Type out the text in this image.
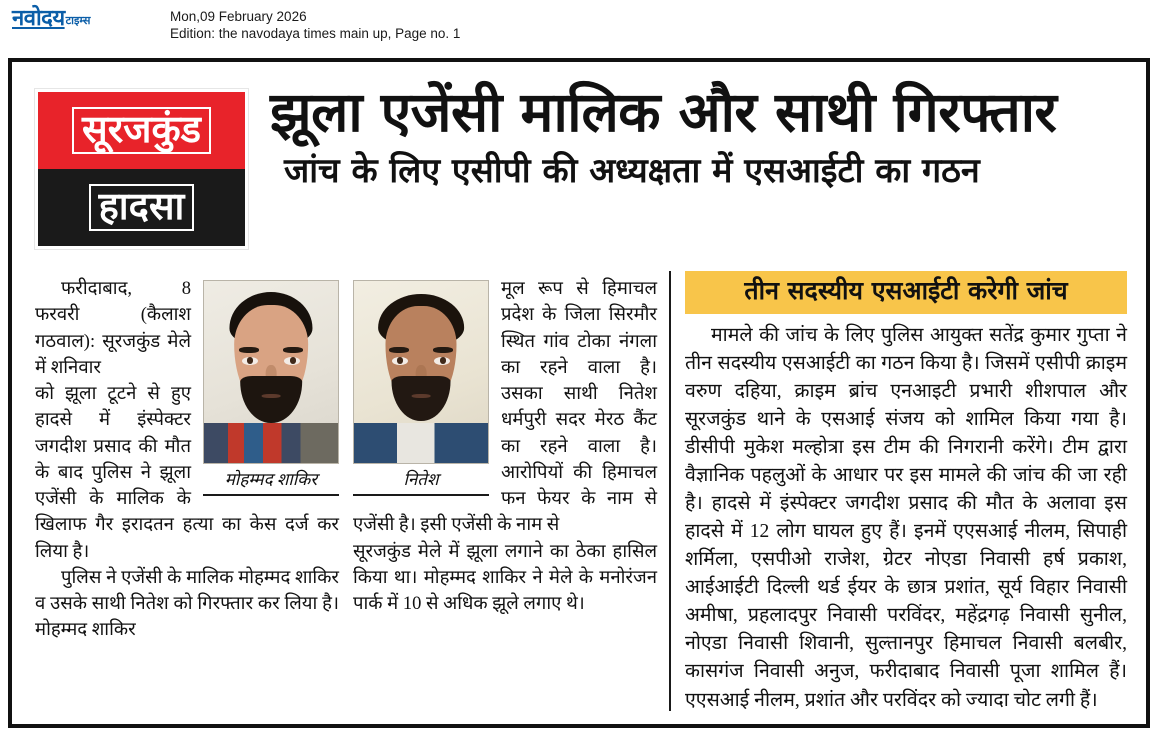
नवोदय टाइम्स	Mon,09 February 2026
Edition: the navodaya times main up, Page no. 1
सूरजकुंड
हादसा
झूला एजेंसी मालिक और साथी गिरफ्तार
जांच के लिए एसीपी की अध्यक्षता में एसआईटी का गठन
मोहम्मद शाकिर
फरीदाबाद, 8 फरवरी (कैलाश गठवाल): सूरजकुंड मेले में शनिवार
को झूला टूटने से हुए हादसे में इंस्पेक्टर जगदीश प्रसाद की मौत के बाद पुलिस ने झूला एजेंसी के मालिक के खिलाफ गैर इरादतन हत्या का केस दर्ज कर लिया है।
पुलिस ने एजेंसी के मालिक मोहम्मद शाकिर व उसके साथी नितेश को गिरफ्तार कर लिया है। मोहम्मद शाकिर
नितेश
मूल रूप से हिमाचल प्रदेश के जिला सिरमौर स्थित गांव टोका नंगला का रहने वाला है। उसका साथी नितेश धर्मपुरी सदर मेरठ कैंट का रहने वाला है। आरोपियों की हिमाचल फन फेयर के नाम से एजेंसी है। इसी एजेंसी के नाम से
सूरजकुंड मेले में झूला लगाने का ठेका हासिल किया था। मोहम्मद शाकिर ने मेले के मनोरंजन पार्क में 10 से अधिक झूले लगाए थे।
तीन सदस्यीय एसआईटी करेगी जांच
मामले की जांच के लिए पुलिस आयुक्त सतेंद्र कुमार गुप्ता ने तीन सदस्यीय एसआईटी का गठन किया है। जिसमें एसीपी क्राइम वरुण दहिया, क्राइम ब्रांच एनआइटी प्रभारी शीशपाल और सूरजकुंड थाने के एसआई संजय को शामिल किया गया है। डीसीपी मुकेश मल्होत्रा इस टीम की निगरानी करेंगे। टीम द्वारा वैज्ञानिक पहलुओं के आधार पर इस मामले की जांच की जा रही है। हादसे में इंस्पेक्टर जगदीश प्रसाद की मौत के अलावा इस हादसे में 12 लोग घायल हुए हैं। इनमें एएसआई नीलम, सिपाही शर्मिला, एसपीओ राजेश, ग्रेटर नोएडा निवासी हर्ष प्रकाश, आईआईटी दिल्ली थर्ड ईयर के छात्र प्रशांत, सूर्य विहार निवासी अमीषा, प्रहलादपुर निवासी परविंदर, महेंद्रगढ़ निवासी सुनील, नोएडा निवासी शिवानी, सुल्तानपुर हिमाचल निवासी बलबीर, कासगंज निवासी अनुज, फरीदाबाद निवासी पूजा शामिल हैं। एएसआई नीलम, प्रशांत और परविंदर को ज्यादा चोट लगी हैं।
